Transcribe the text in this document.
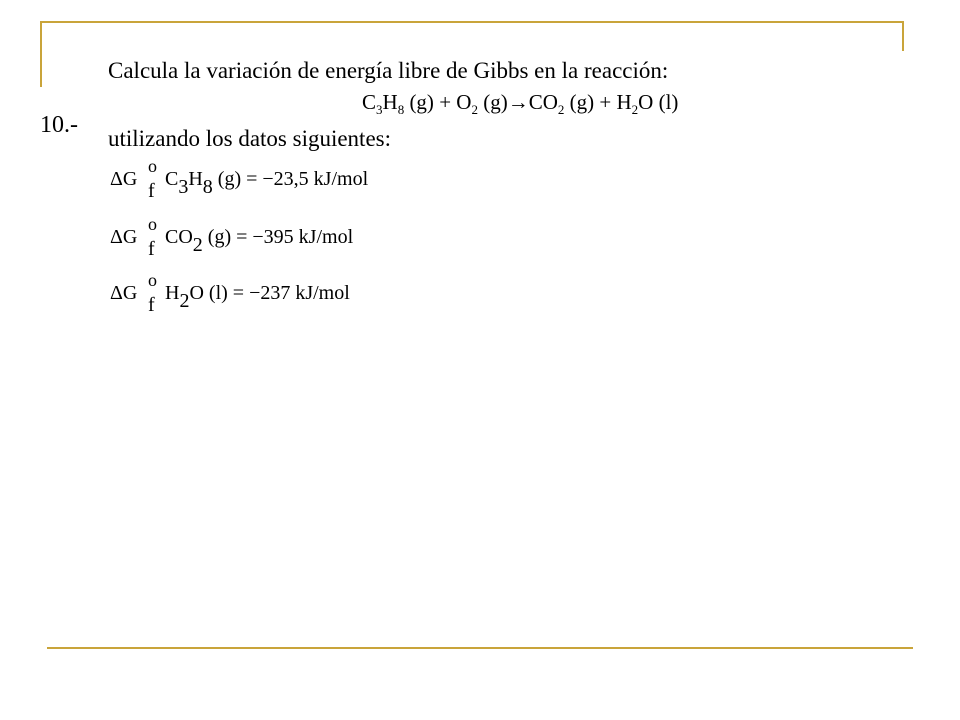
10.-
Calcula la variación de energía libre de Gibbs en la reacción:
$C_3H_8$ $(g) + O_2$ $(g)\to CO_2$ $(g) + H_2O$ (l)
utilizando los datos siguientes:
ΔG
o
f
C3H8 (g) = −23,5 kJ/mol
ΔG
o
f
CO2 (g) = −395 kJ/mol
ΔG
o
f
H2O (l) = −237 kJ/mol
